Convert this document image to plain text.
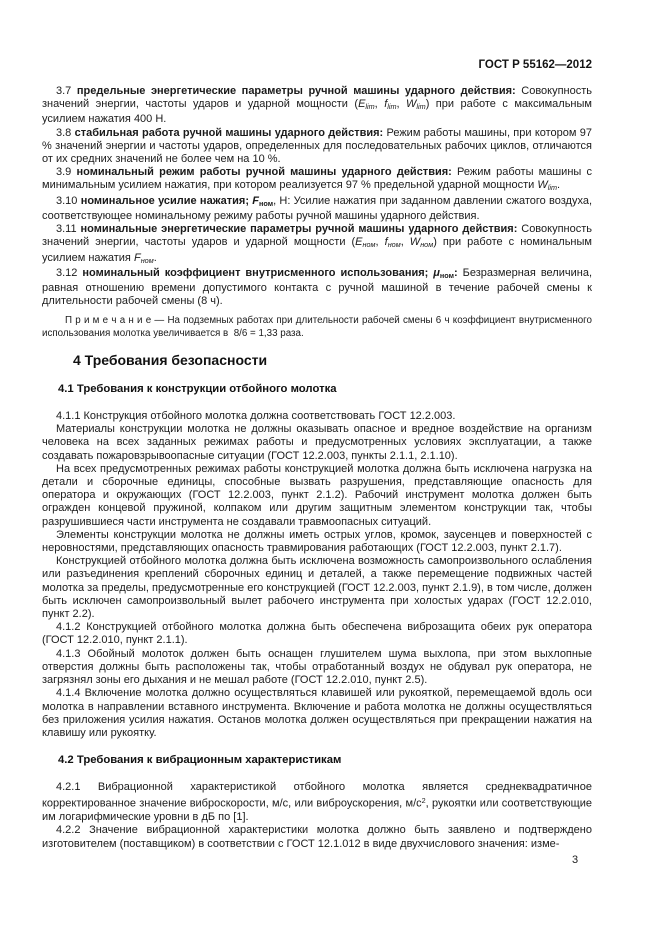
ГОСТ Р 55162—2012

3.7 предельные энергетические параметры ручной машины ударного действия: Совокупность значений энергии, частоты ударов и ударной мощности ($E_{lim}$, $f_{lim}$, $W_{lim}$) при работе с максимальным усилием нажатия 400 Н.

3.8 стабильная работа ручной машины ударного действия: Режим работы машины, при котором 97 % значений энергии и частоты ударов, определенных для последовательных рабочих циклов, отличаются от их средних значений не более чем на 10 %.

3.9 номинальный режим работы ручной машины ударного действия: Режим работы машины с минимальным усилием нажатия, при котором реализуется 97 % предельной ударной мощности $W_{lim}$.

3.10 номинальное усилие нажатия; $F_{ном}$, Н: Усилие нажатия при заданном давлении сжатого воздуха, соответствующее номинальному режиму работы ручной машины ударного действия.

3.11 номинальные энергетические параметры ручной машины ударного действия: Совокупность значений энергии, частоты ударов и ударной мощности ($E_{ном}$, $f_{ном}$, $W_{ном}$) при работе с номинальным усилием нажатия $F_{ном}$.

3.12 номинальный коэффициент внутрисменного использования; $\mu_{ном}$: Безразмерная величина, равная отношению времени допустимого контакта с ручной машиной в течение рабочей смены к длительности рабочей смены (8 ч).

П р и м е ч а н и е — На подземных работах при длительности рабочей смены 6 ч коэффициент внутрисменного использования молотка увеличивается в  8/6 = 1,33 раза.

4 Требования безопасности
4.1 Требования к конструкции отбойного молотка

4.1.1 Конструкция отбойного молотка должна соответствовать ГОСТ 12.2.003.

Материалы конструкции молотка не должны оказывать опасное и вредное воздействие на организм человека на всех заданных режимах работы и предусмотренных условиях эксплуатации, а также создавать пожаровзрывоопасные ситуации (ГОСТ 12.2.003, пункты 2.1.1, 2.1.10).

На всех предусмотренных режимах работы конструкцией молотка должна быть исключена нагрузка на детали и сборочные единицы, способные вызвать разрушения, представляющие опасность для оператора и окружающих (ГОСТ 12.2.003, пункт 2.1.2). Рабочий инструмент молотка должен быть огражден концевой пружиной, колпаком или другим защитным элементом конструкции так, чтобы разрушившиеся части инструмента не создавали травмоопасных ситуаций.

Элементы конструкции молотка не должны иметь острых углов, кромок, заусенцев и поверхностей с неровностями, представляющих опасность травмирования работающих (ГОСТ 12.2.003, пункт 2.1.7).

Конструкцией отбойного молотка должна быть исключена возможность самопроизвольного ослабления или разъединения креплений сборочных единиц и деталей, а также перемещение подвижных частей молотка за пределы, предусмотренные его конструкцией (ГОСТ 12.2.003, пункт 2.1.9), в том числе, должен быть исключен самопроизвольный вылет рабочего инструмента при холостых ударах (ГОСТ 12.2.010, пункт 2.2).

4.1.2 Конструкцией отбойного молотка должна быть обеспечена виброзащита обеих рук оператора (ГОСТ 12.2.010, пункт 2.1.1).

4.1.3 Обойный молоток должен быть оснащен глушителем шума выхлопа, при этом выхлопные отверстия должны быть расположены так, чтобы отработанный воздух не обдувал рук оператора, не загрязнял зоны его дыхания и не мешал работе (ГОСТ 12.2.010, пункт 2.5).

4.1.4 Включение молотка должно осуществляться клавишей или рукояткой, перемещаемой вдоль оси молотка в направлении вставного инструмента. Включение и работа молотка не должны осуществляться без приложения усилия нажатия. Останов молотка должен осуществляться при прекращении нажатия на клавишу или рукоятку.

4.2 Требования к вибрационным характеристикам

4.2.1 Вибрационной характеристикой отбойного молотка является среднеквадратичное корректированное значение виброскорости, м/с, или виброускорения, $м/с^2$, рукоятки или соответствующие им логарифмические уровни в дБ по [1].

4.2.2 Значение вибрационной характеристики молотка должно быть заявлено и подтверждено изготовителем (поставщиком) в соответствии с ГОСТ 12.1.012 в виде двухчислового значения: изме-

3
